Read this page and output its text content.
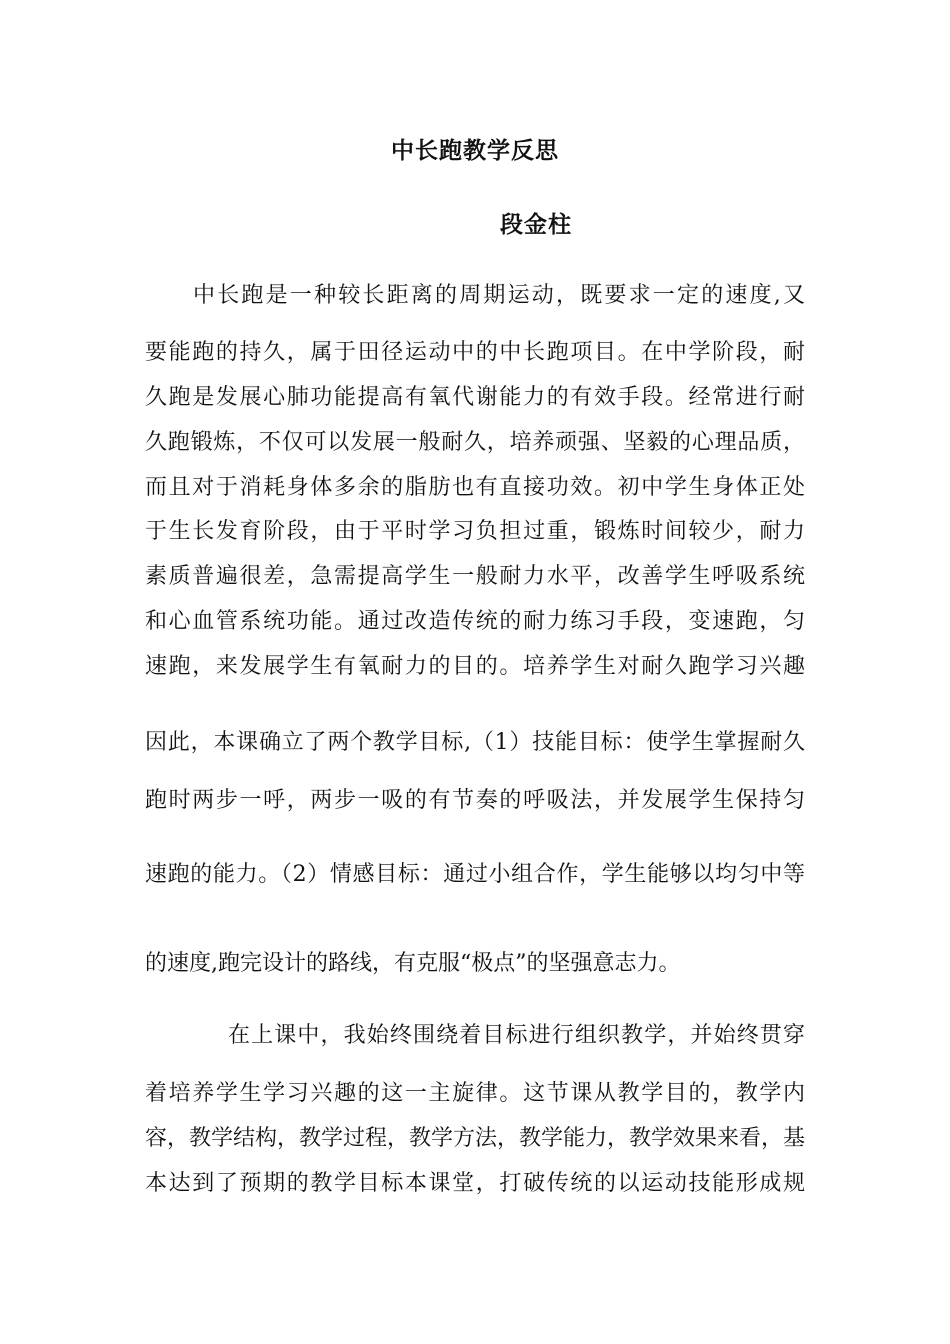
中长跑教学反思
段金柱
中长跑是一种较长距离的周期运动，既要求一定的速度,又
要能跑的持久，属于田径运动中的中长跑项目。在中学阶段，耐
久跑是发展心肺功能提高有氧代谢能力的有效手段。经常进行耐
久跑锻炼，不仅可以发展一般耐久，培养顽强、坚毅的心理品质，
而且对于消耗身体多余的脂肪也有直接功效。初中学生身体正处
于生长发育阶段，由于平时学习负担过重，锻炼时间较少，耐力
素质普遍很差，急需提高学生一般耐力水平，改善学生呼吸系统
和心血管系统功能。通过改造传统的耐力练习手段，变速跑，匀
速跑，来发展学生有氧耐力的目的。培养学生对耐久跑学习兴趣
因此，本课确立了两个教学目标,（1）技能目标：使学生掌握耐久
跑时两步一呼，两步一吸的有节奏的呼吸法，并发展学生保持匀
速跑的能力。（2）情感目标：通过小组合作，学生能够以均匀中等
的速度,跑完设计的路线，有克服“极点”的坚强意志力。
在上课中，我始终围绕着目标进行组织教学，并始终贯穿
着培养学生学习兴趣的这一主旋律。这节课从教学目的，教学内
容，教学结构，教学过程，教学方法，教学能力，教学效果来看，基
本达到了预期的教学目标本课堂，打破传统的以运动技能形成规
